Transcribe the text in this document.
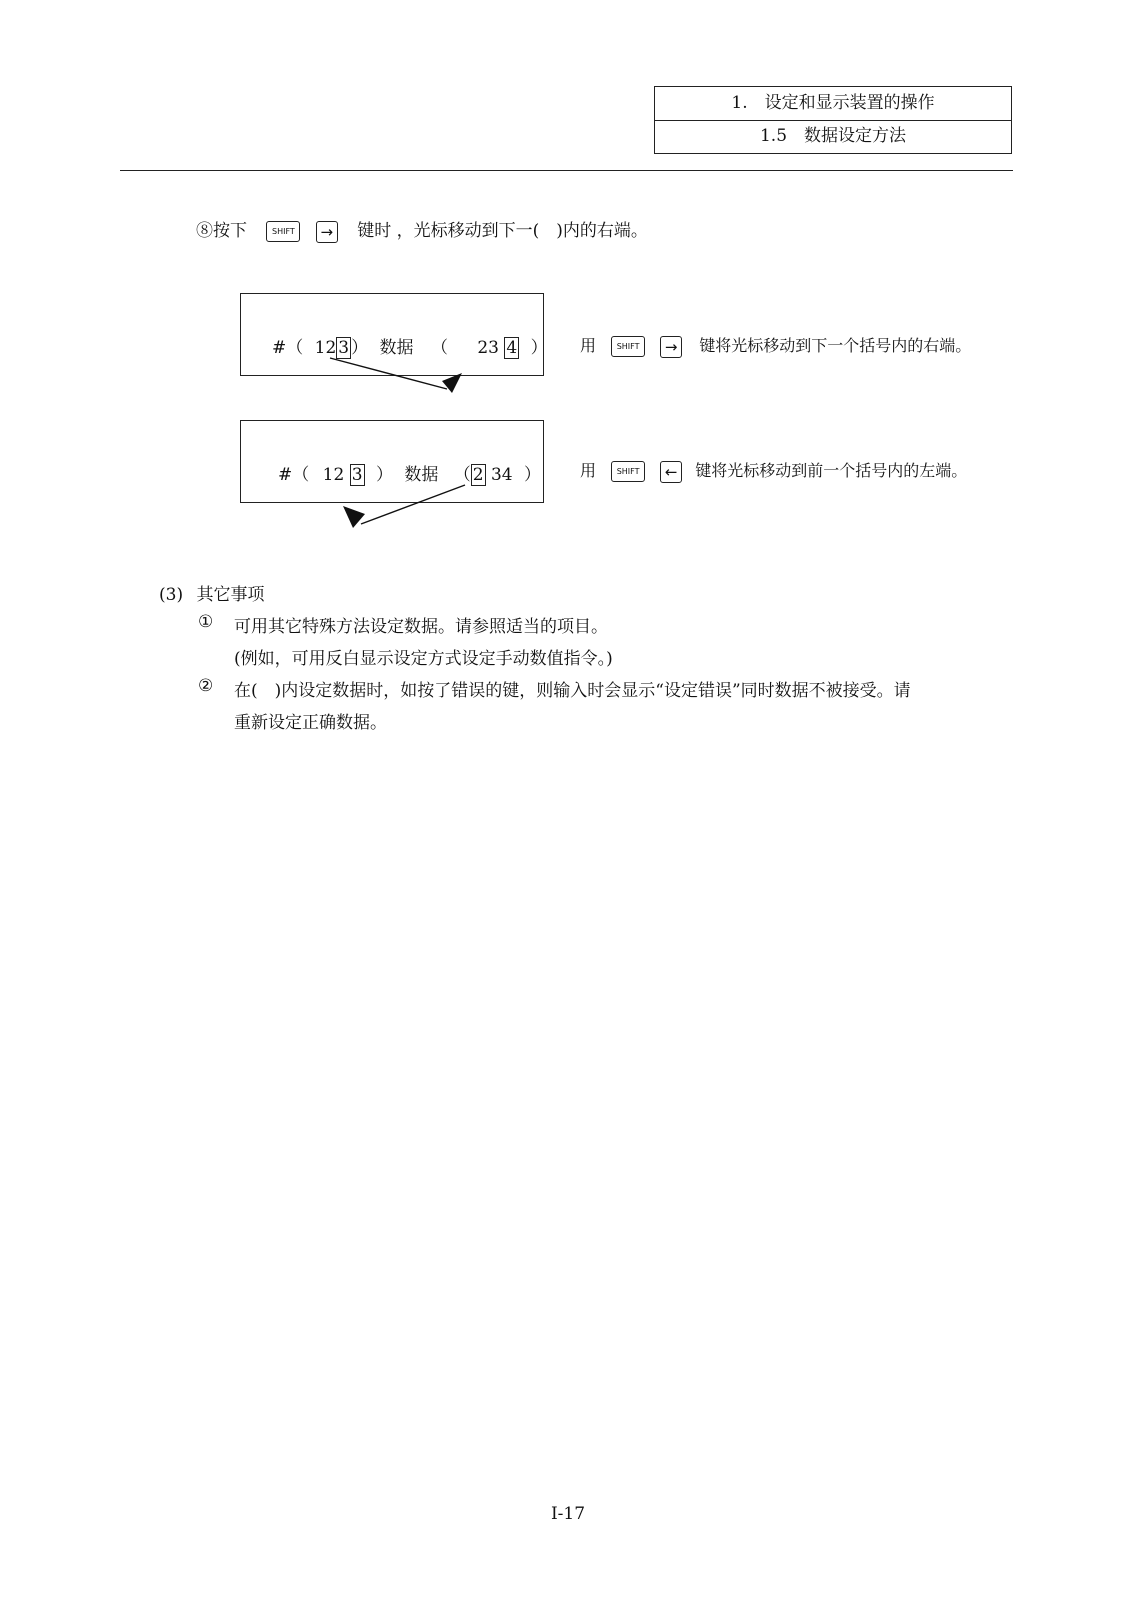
1.　设定和显示装置的操作
1.5　数据设定方法
⑧按下	SHIFT → 键时 ，光标移动到下一(　)内的右端。
#（ 12 3 ） 数据 （ 23 4 ） 用	SHIFT → 键将光标移动到下一个括号内的右端。
#（ 12 3 ） 数据 （ 2 34 ） 用	SHIFT ← 键将光标移动到前一个括号内的左端。
(3) 其它事项
① 可用其它特殊方法设定数据。请参照适当的项目。
(例如，可用反白显示设定方式设定手动数值指令。)
② 在(　)内设定数据时，如按了错误的键，则输入时会显示“设定错误”同时数据不被接受。请
重新设定正确数据。
I-17
